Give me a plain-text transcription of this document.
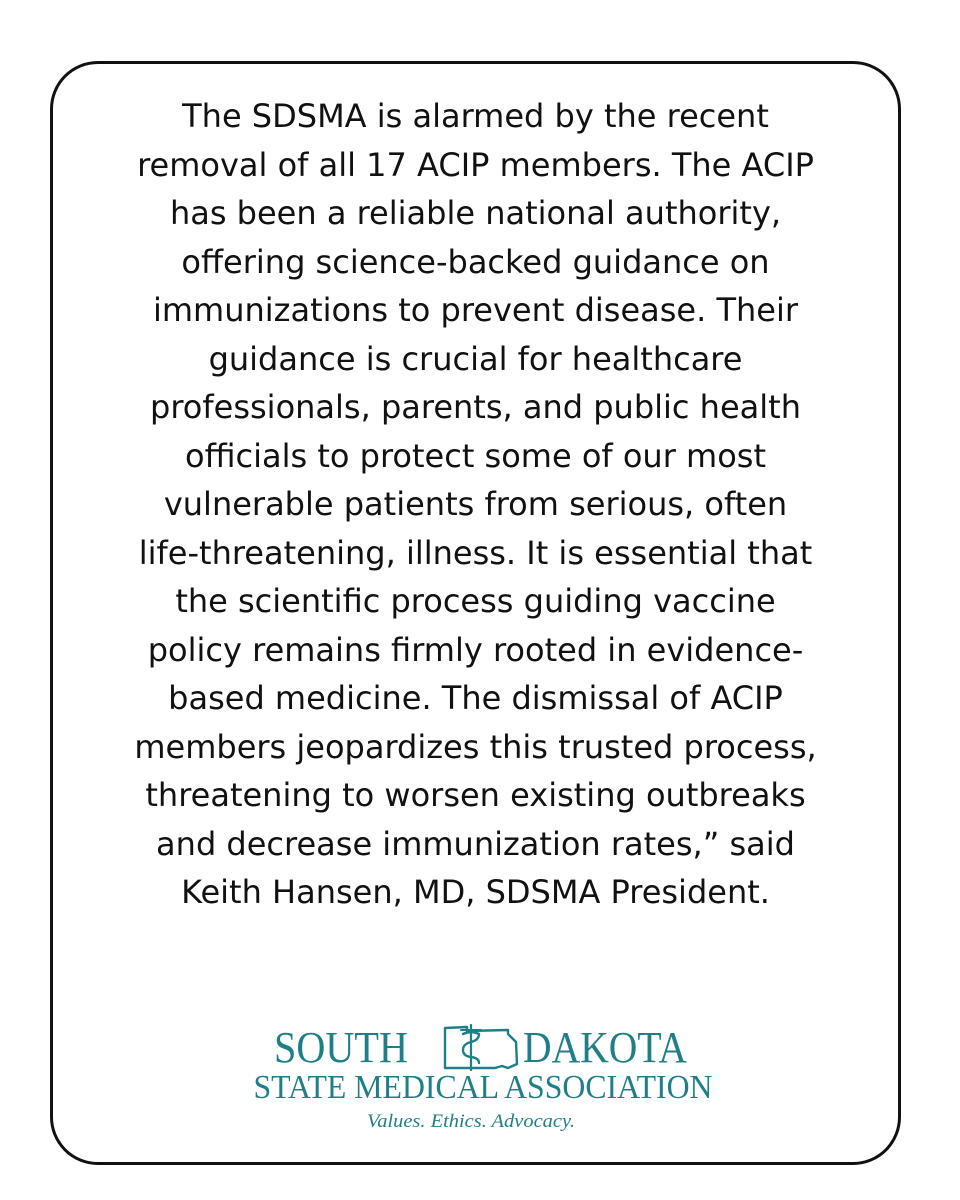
The SDSMA is alarmed by the recent
removal of all 17 ACIP members. The ACIP
has been a reliable national authority,
offering science-backed guidance on
immunizations to prevent disease. Their
guidance is crucial for healthcare
professionals, parents, and public health
officials to protect some of our most
vulnerable patients from serious, often
life-threatening, illness. It is essential that
the scientific process guiding vaccine
policy remains firmly rooted in evidence-
based medicine. The dismissal of ACIP
members jeopardizes this trusted process,
threatening to worsen existing outbreaks
and decrease immunization rates,” said
Keith Hansen, MD, SDSMA President.

SOUTH	DAKOTA
STATE MEDICAL ASSOCIATION
Values. Ethics. Advocacy.
